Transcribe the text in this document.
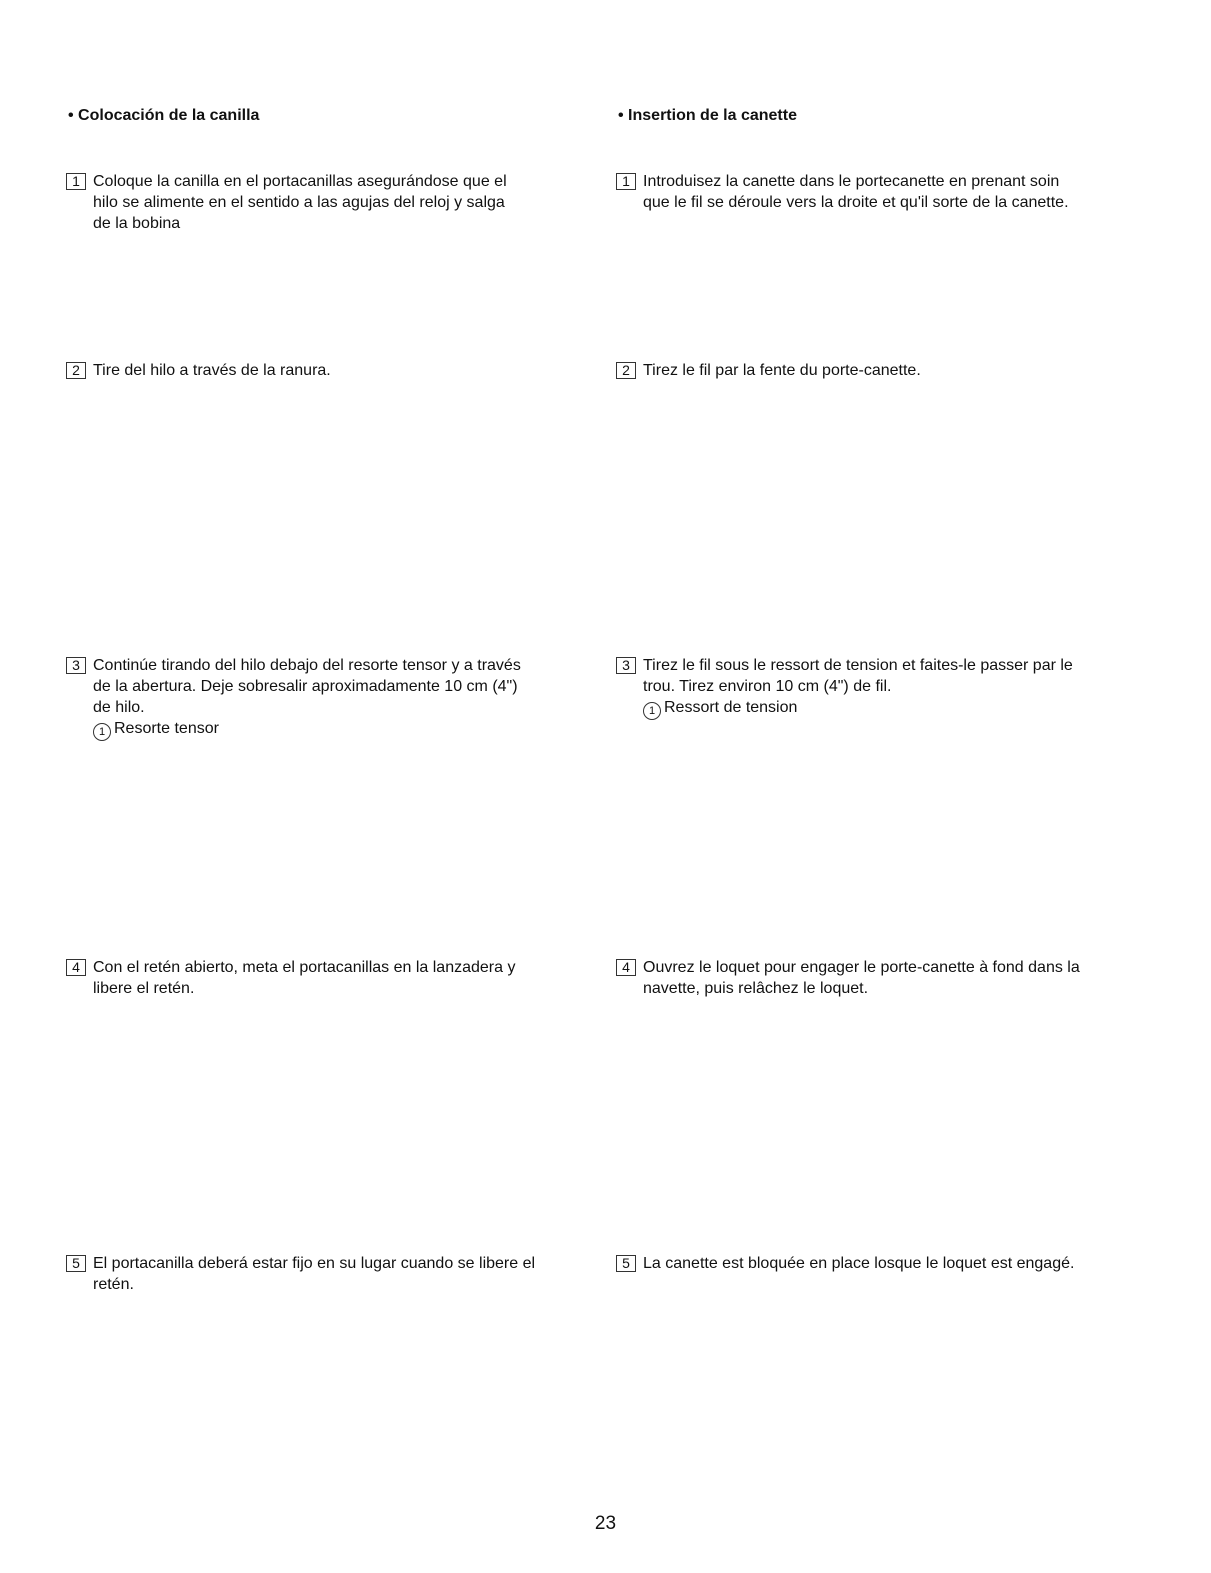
• Colocación de la canilla
1 Coloque la canilla en el portacanillas asegurándose que el

hilo se alimente en el sentido a las agujas del reloj y salga

de la bobina

2 Tire del hilo a través de la ranura.

3 Continúe tirando del hilo debajo del resorte tensor y a través

de la abertura. Deje sobresalir aproximadamente 10 cm (4")

de hilo.

1 Resorte tensor
4 Con el retén abierto, meta el portacanillas en la lanzadera y

libere el retén.

5 El portacanilla deberá estar fijo en su lugar cuando se libere el

retén.

• Insertion de la canette
1 Introduisez la canette dans le portecanette en prenant soin

que le fil se déroule vers la droite et qu'il sorte de la canette.

2 Tirez le fil par la fente du porte-canette.

3 Tirez le fil sous le ressort de tension et faites-le passer par le

trou. Tirez environ 10 cm (4") de fil.

1 Ressort de tension
4 Ouvrez le loquet pour engager le porte-canette à fond dans la

navette, puis relâchez le loquet.

5 La canette est bloquée en place losque le loquet est engagé.

23
